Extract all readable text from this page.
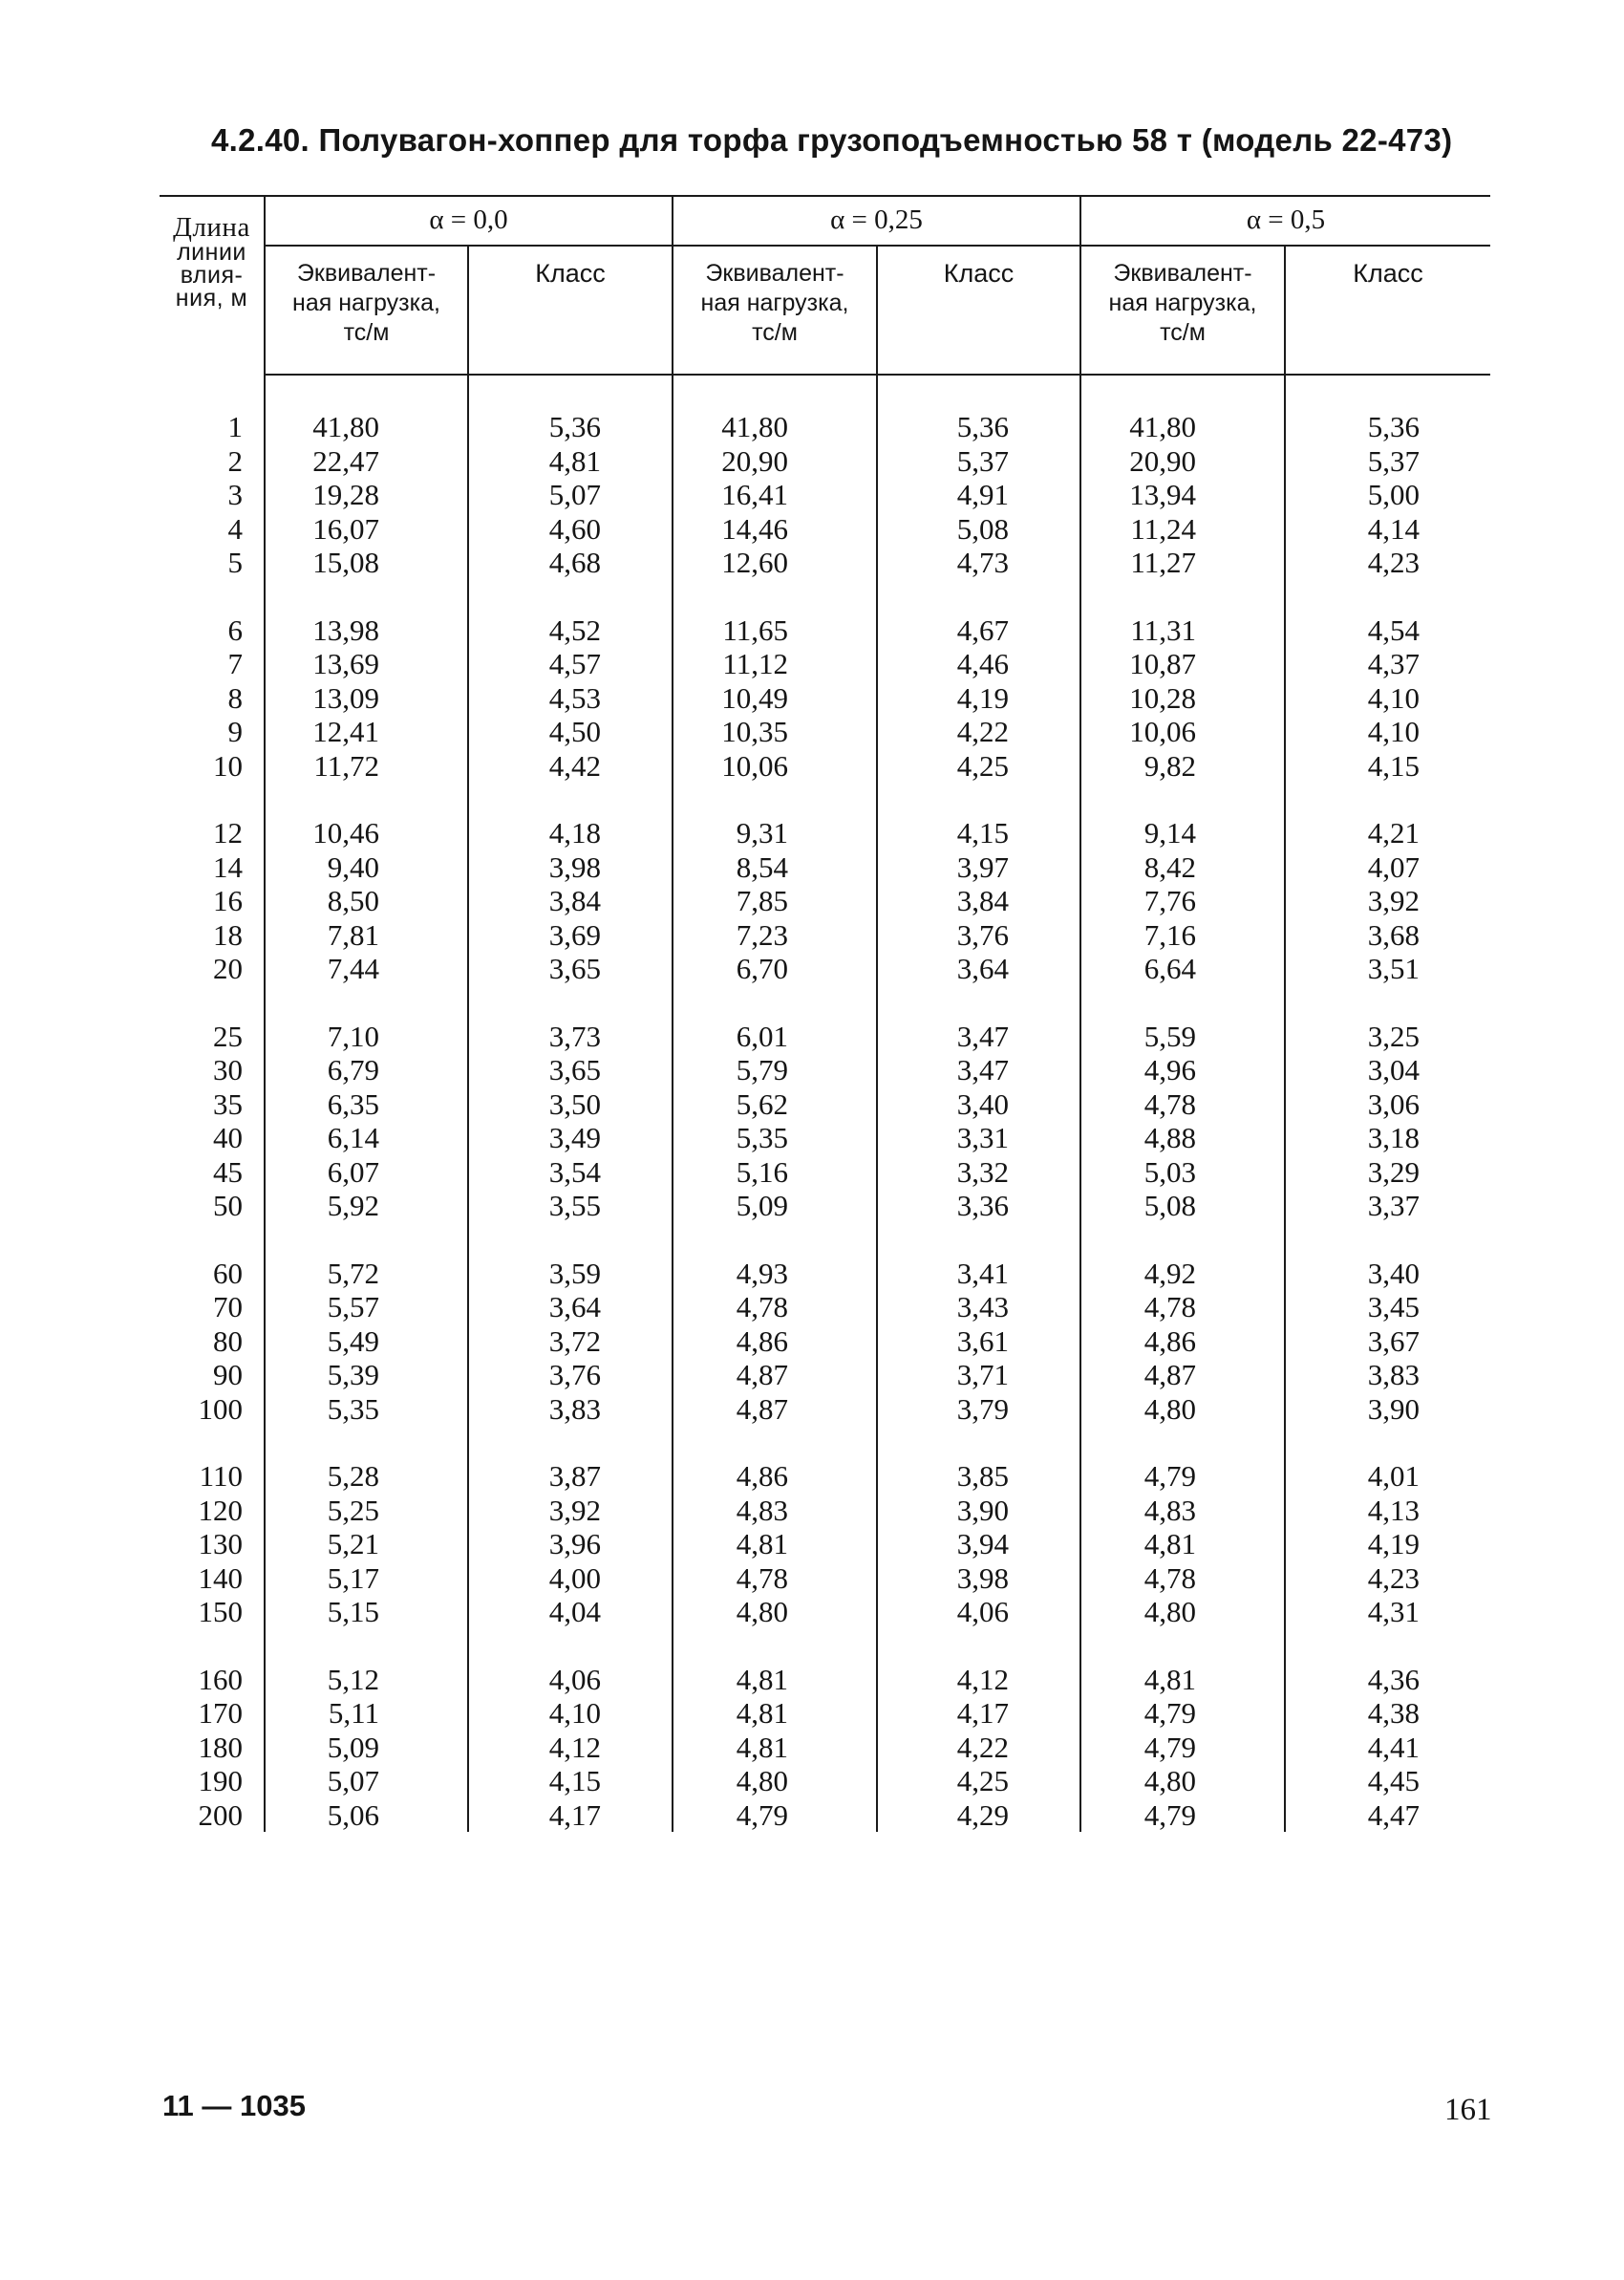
4.2.40. Полувагон-хоппер для торфа грузоподъемностью 58 т (модель 22-473)
Длина
линии
влия-
ния, м	α = 0,0		α = 0,25		α = 0,5	

	Эквивалент-
ная нагрузка,
тс/м	Класс	Эквивалент-
ная нагрузка,
тс/м	Класс	Эквивалент-
ная нагрузка,
тс/м	Класс
1	41,80	5,36	41,80	5,36	41,80	5,36
2	22,47	4,81	20,90	5,37	20,90	5,37
3	19,28	5,07	16,41	4,91	13,94	5,00
4	16,07	4,60	14,46	5,08	11,24	4,14
5	15,08	4,68	12,60	4,73	11,27	4,23
6	13,98	4,52	11,65	4,67	11,31	4,54
7	13,69	4,57	11,12	4,46	10,87	4,37
8	13,09	4,53	10,49	4,19	10,28	4,10
9	12,41	4,50	10,35	4,22	10,06	4,10
10	11,72	4,42	10,06	4,25	9,82	4,15
12	10,46	4,18	9,31	4,15	9,14	4,21
14	9,40	3,98	8,54	3,97	8,42	4,07
16	8,50	3,84	7,85	3,84	7,76	3,92
18	7,81	3,69	7,23	3,76	7,16	3,68
20	7,44	3,65	6,70	3,64	6,64	3,51
25	7,10	3,73	6,01	3,47	5,59	3,25
30	6,79	3,65	5,79	3,47	4,96	3,04
35	6,35	3,50	5,62	3,40	4,78	3,06
40	6,14	3,49	5,35	3,31	4,88	3,18
45	6,07	3,54	5,16	3,32	5,03	3,29
50	5,92	3,55	5,09	3,36	5,08	3,37
60	5,72	3,59	4,93	3,41	4,92	3,40
70	5,57	3,64	4,78	3,43	4,78	3,45
80	5,49	3,72	4,86	3,61	4,86	3,67
90	5,39	3,76	4,87	3,71	4,87	3,83
100	5,35	3,83	4,87	3,79	4,80	3,90
110	5,28	3,87	4,86	3,85	4,79	4,01
120	5,25	3,92	4,83	3,90	4,83	4,13
130	5,21	3,96	4,81	3,94	4,81	4,19
140	5,17	4,00	4,78	3,98	4,78	4,23
150	5,15	4,04	4,80	4,06	4,80	4,31
160	5,12	4,06	4,81	4,12	4,81	4,36
170	5,11	4,10	4,81	4,17	4,79	4,38
180	5,09	4,12	4,81	4,22	4,79	4,41
190	5,07	4,15	4,80	4,25	4,80	4,45
200	5,06	4,17	4,79	4,29	4,79	4,47
11 — 1035	161
